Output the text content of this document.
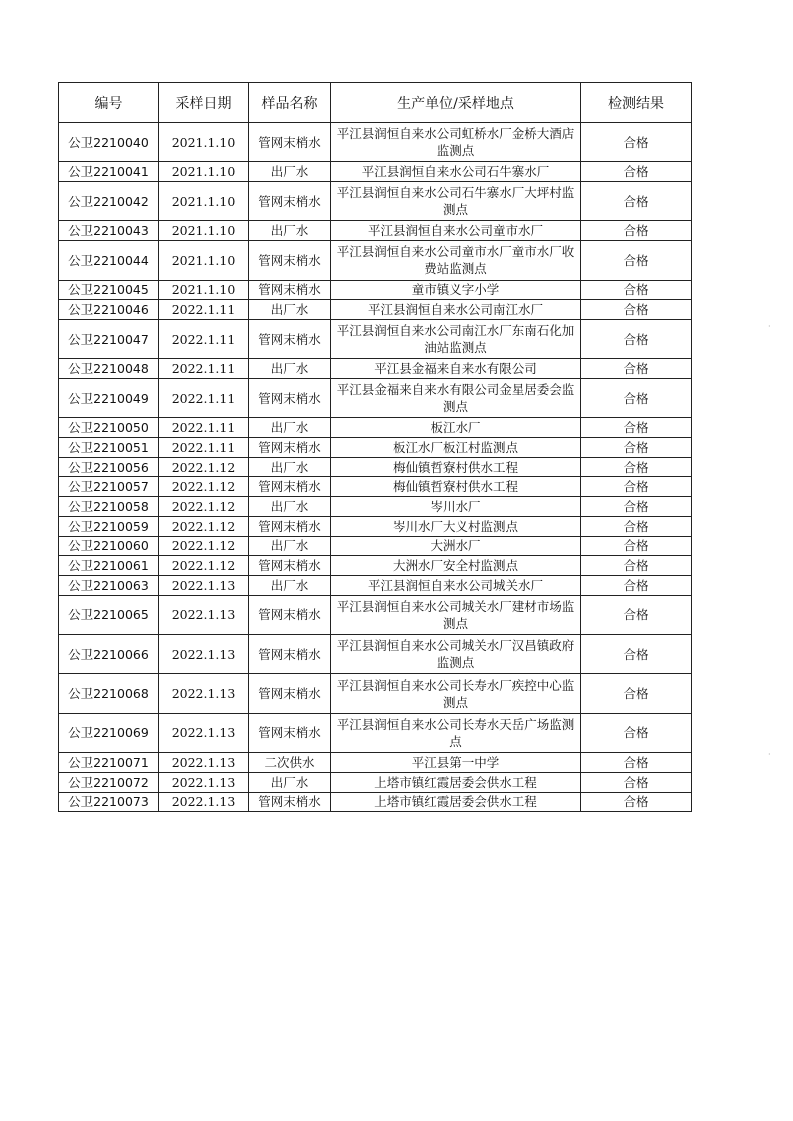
编号	采样日期	样品名称	生产单位/采样地点	检测结果
公卫2210040	2021.1.10	管网末梢水	平江县润恒自来水公司虹桥水厂金桥大酒店监测点	合格
公卫2210041	2021.1.10	出厂水	平江县润恒自来水公司石牛寨水厂	合格
公卫2210042	2021.1.10	管网末梢水	平江县润恒自来水公司石牛寨水厂大坪村监测点	合格
公卫2210043	2021.1.10	出厂水	平江县润恒自来水公司童市水厂	合格
公卫2210044	2021.1.10	管网末梢水	平江县润恒自来水公司童市水厂童市水厂收费站监测点	合格
公卫2210045	2021.1.10	管网末梢水	童市镇义字小学	合格
公卫2210046	2022.1.11	出厂水	平江县润恒自来水公司南江水厂	合格
公卫2210047	2022.1.11	管网末梢水	平江县润恒自来水公司南江水厂东南石化加油站监测点	合格
公卫2210048	2022.1.11	出厂水	平江县金福来自来水有限公司	合格
公卫2210049	2022.1.11	管网末梢水	平江县金福来自来水有限公司金星居委会监测点	合格
公卫2210050	2022.1.11	出厂水	板江水厂	合格
公卫2210051	2022.1.11	管网末梢水	板江水厂板江村监测点	合格
公卫2210056	2022.1.12	出厂水	梅仙镇哲寮村供水工程	合格
公卫2210057	2022.1.12	管网末梢水	梅仙镇哲寮村供水工程	合格
公卫2210058	2022.1.12	出厂水	岑川水厂	合格
公卫2210059	2022.1.12	管网末梢水	岑川水厂大义村监测点	合格
公卫2210060	2022.1.12	出厂水	大洲水厂	合格
公卫2210061	2022.1.12	管网末梢水	大洲水厂安全村监测点	合格
公卫2210063	2022.1.13	出厂水	平江县润恒自来水公司城关水厂	合格
公卫2210065	2022.1.13	管网末梢水	平江县润恒自来水公司城关水厂建材市场监测点	合格
公卫2210066	2022.1.13	管网末梢水	平江县润恒自来水公司城关水厂汉昌镇政府监测点	合格
公卫2210068	2022.1.13	管网末梢水	平江县润恒自来水公司长寿水厂疾控中心监测点	合格
公卫2210069	2022.1.13	管网末梢水	平江县润恒自来水公司长寿水天岳广场监测点	合格
公卫2210071	2022.1.13	二次供水	平江县第一中学	合格
公卫2210072	2022.1.13	出厂水	上塔市镇红霞居委会供水工程	合格
公卫2210073	2022.1.13	管网末梢水	上塔市镇红霞居委会供水工程	合格
·
·
